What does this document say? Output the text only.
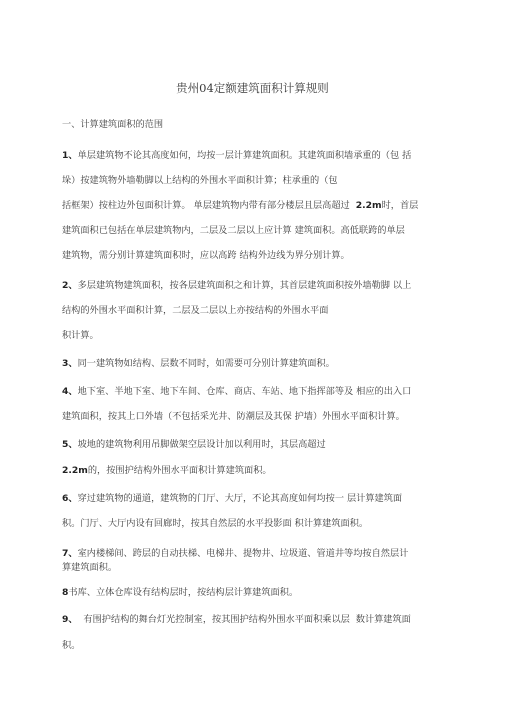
贵州04定额建筑面积计算规则
一、计算建筑面积的范围
1、单层建筑物不论其高度如何，均按一层计算建筑面积。其建筑面积墙承重的（包 括
垛）按建筑物外墙勒脚以上结构的外围水平面积计算；柱承重的（包
括框架）按柱边外包面积计算。 单层建筑物内带有部分楼层且层高超过 2.2m时，首层
建筑面积已包括在单层建筑物内，二层及二层以上应计算 建筑面积。高低联跨的单层
建筑物，需分别计算建筑面积时，应以高跨 结构外边线为界分别计算。
2、多层建筑物建筑面积，按各层建筑面积之和计算，其首层建筑面积按外墙勒脚 以上
结构的外围水平面积计算，二层及二层以上亦按结构的外围水平面
积计算。
3、同一建筑物如结构、层数不同时，如需要可分别计算建筑面积。
4、地下室、半地下室、地下车间、仓库、商店、车站、地下指挥部等及 相应的出入口
建筑面积，按其上口外墙（不包括采光井、防潮层及其保 护墙）外围水平面积计算。
5、坡地的建筑物利用吊脚做架空层设计加以利用时，其层高超过
2.2m的，按围护结构外围水平面积计算建筑面积。
6、穿过建筑物的通道，建筑物的门厅、大厅，不论其高度如何均按一 层计算建筑面
积。门厅、大厅内设有回廊时，按其自然层的水平投影面 积计算建筑面积。
7、室内楼梯间、跨层的自动扶梯、电梯井、提物井、垃圾道、管道井等均按自然层计
算建筑面积。
8书库、立体仓库设有结构层时，按结构层计算建筑面积。
9、  有围护结构的舞台灯光控制室，按其围护结构外围水平面积乘以层  数计算建筑面
积。
